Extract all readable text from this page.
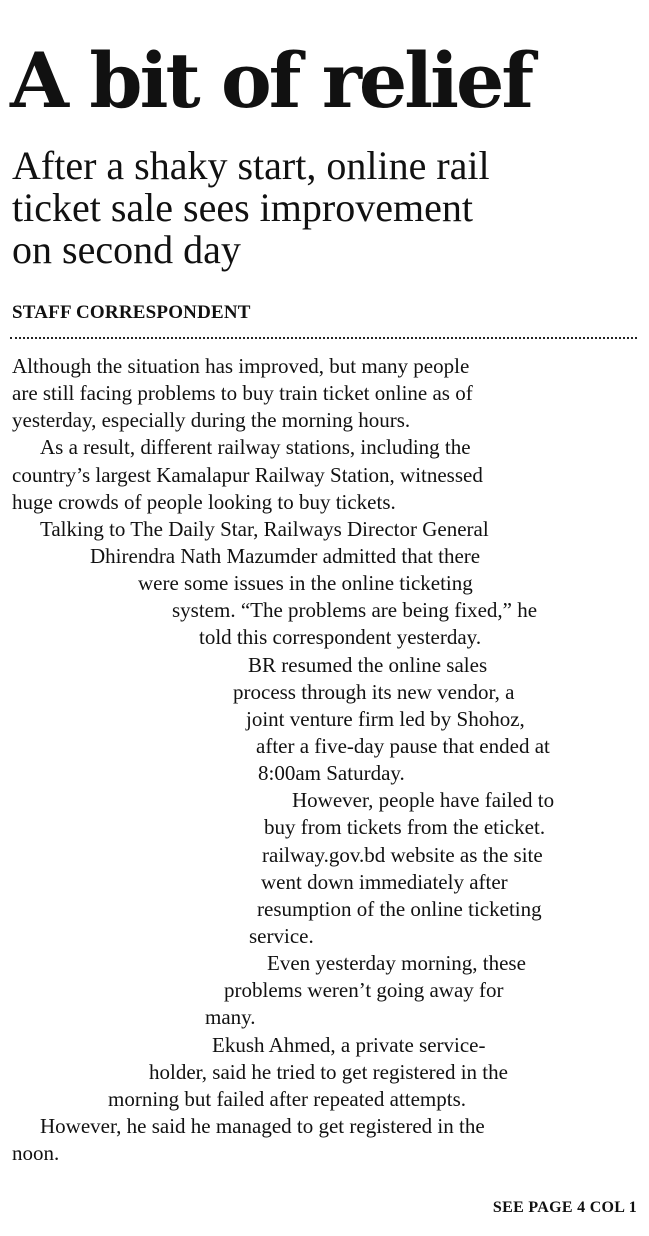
A bit of relief
After a shaky start, online rail
ticket sale sees improvement
on second day
STAFF CORRESPONDENT
Although the situation has improved, but many people
are still facing problems to buy train ticket online as of
yesterday, especially during the morning hours.
As a result, different railway stations, including the
country’s largest Kamalapur Railway Station, witnessed
huge crowds of people looking to buy tickets.
Talking to The Daily Star, Railways Director General
Dhirendra Nath Mazumder admitted that there
were some issues in the online ticketing
system. “The problems are being fixed,” he
told this correspondent yesterday.
BR resumed the online sales
process through its new vendor, a
joint venture firm led by Shohoz,
after a five-day pause that ended at
8:00am Saturday.
However, people have failed to
buy from tickets from the eticket.
railway.gov.bd website as the site
went down immediately after
resumption of the online ticketing
service.
Even yesterday morning, these
problems weren’t going away for
many.
Ekush Ahmed, a private service-
holder, said he tried to get registered in the
morning but failed after repeated attempts.
However, he said he managed to get registered in the
noon.
SEE PAGE 4 COL 1
